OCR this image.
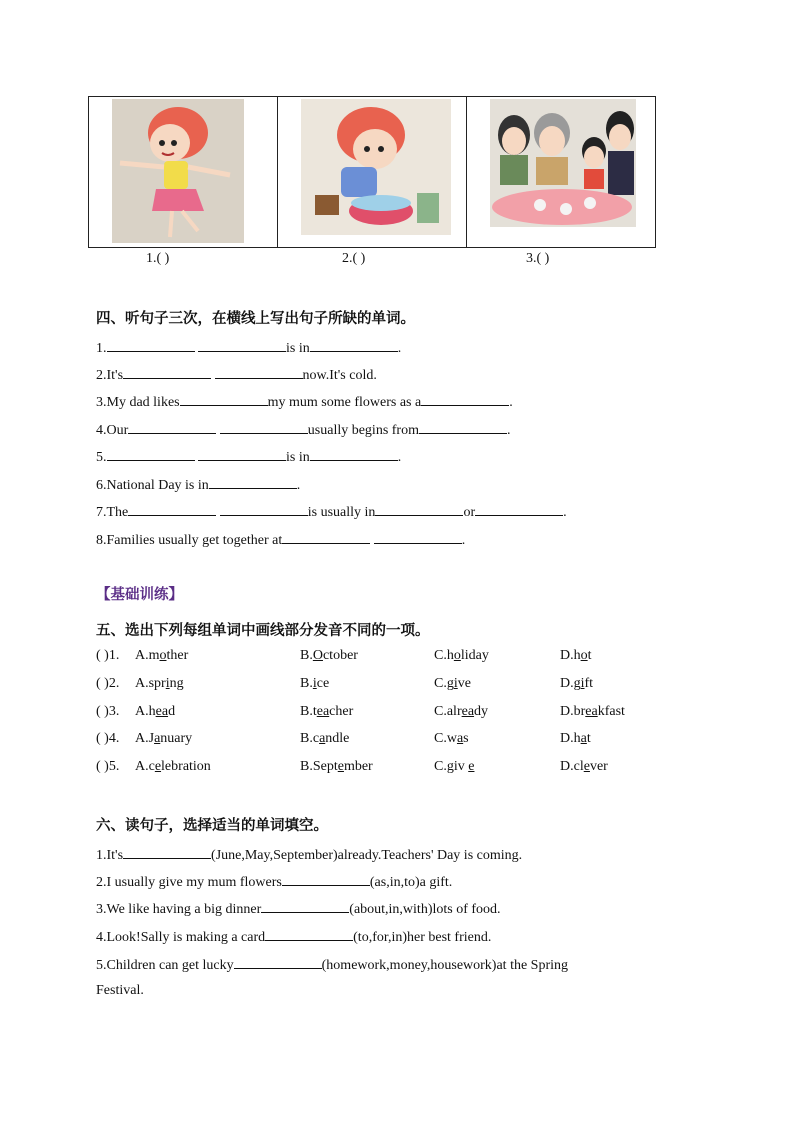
1.( )	2.( )	3.( )
四、听句子三次，在横线上写出句子所缺的单词。
1.	is in	.
2.It's	now.It's cold.
3.My dad likes	my mum some flowers as a	.
4.Our	usually begins from	.
5.	is in	.
6.National Day is in	.
7.The	is usually in	or	.
8.Families usually get together at	.
【基础训练】
五、选出下列每组单词中画线部分发音不同的一项。
( )1. A.mother	B.October	C.holiday	D.hot
( )2. A.spring	B.ice	C.give	D.gift
( )3. A.head	B.teacher	C.already	D.breakfast
( )4. A.January	B.candle	C.was	D.hat
( )5. A.celebration	B.September	C.giv e	D.clever
六、读句子，选择适当的单词填空。
1.It's	(June,May,September)already.Teachers' Day is coming.
2.I usually give my mum flowers	(as,in,to)a gift.
3.We like having a big dinner	(about,in,with)lots of food.
4.Look!Sally is making a card	(to,for,in)her best friend.
5.Children can get lucky	(homework,money,housework)at the Spring
Festival.
